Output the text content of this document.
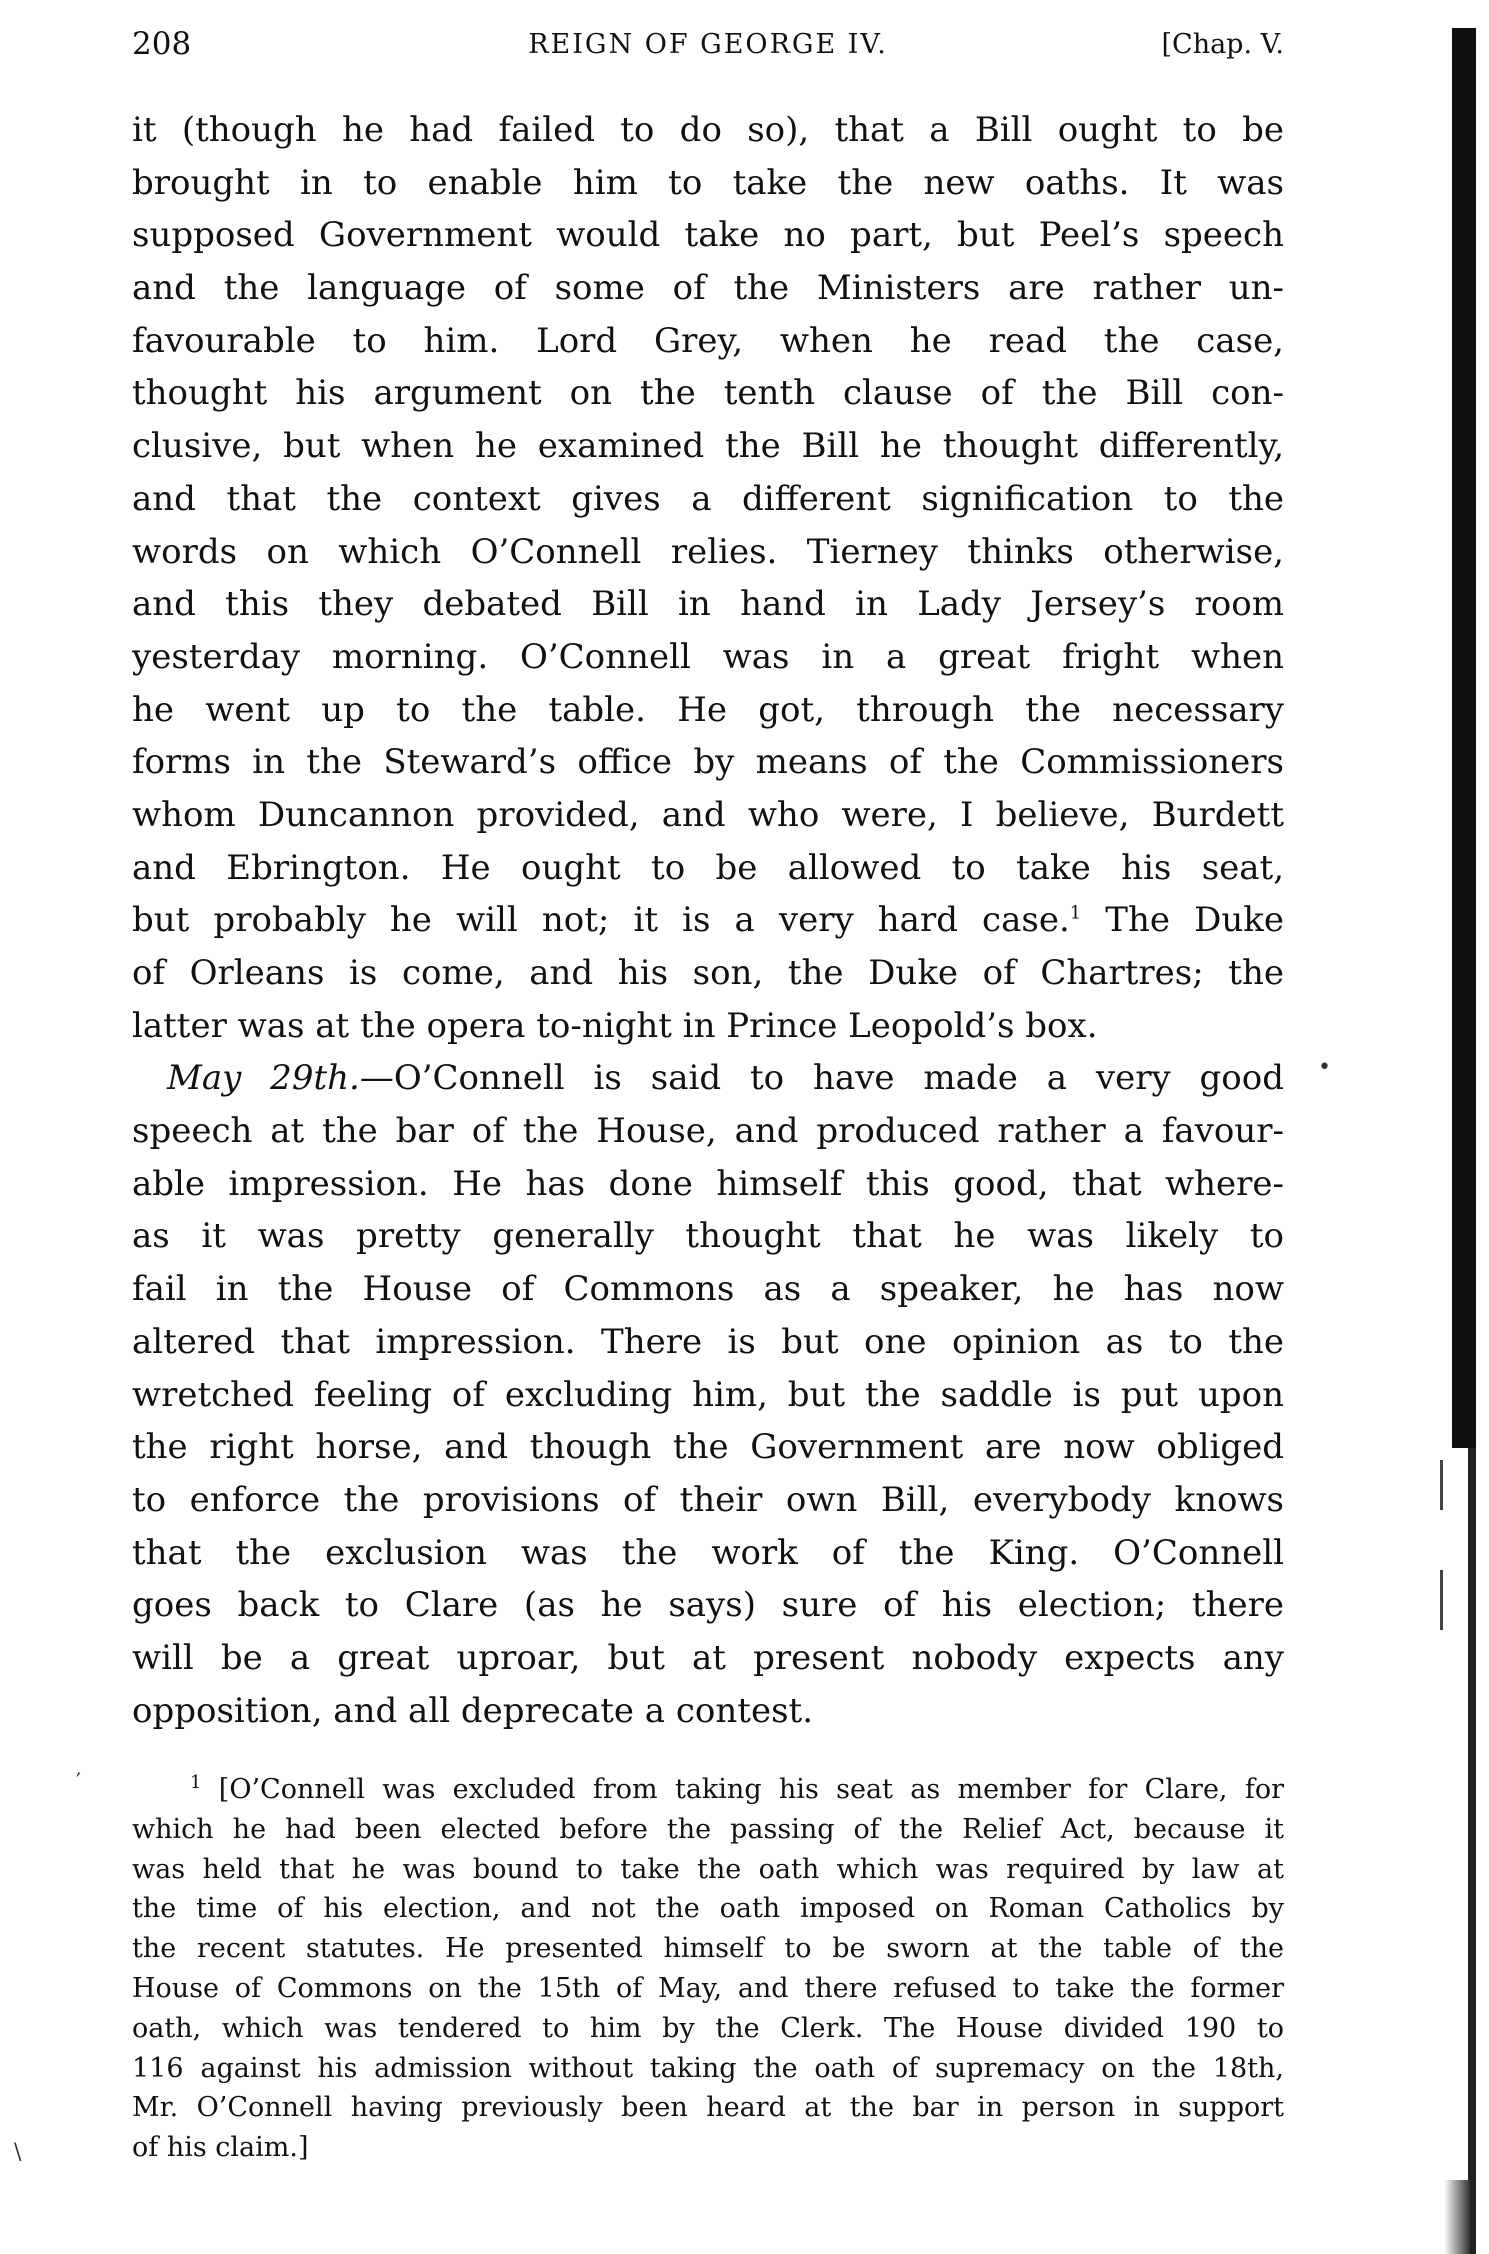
208	REIGN OF GEORGE IV.	[Chap. V.
it (though he had failed to do so), that a Bill ought to be
brought in to enable him to take the new oaths. It was
supposed Government would take no part, but Peel’s speech
and the language of some of the Ministers are rather un-
favourable to him. Lord Grey, when he read the case,
thought his argument on the tenth clause of the Bill con-
clusive, but when he examined the Bill he thought differently,
and that the context gives a different signification to the
words on which O’Connell relies. Tierney thinks otherwise,
and this they debated Bill in hand in Lady Jersey’s room
yesterday morning. O’Connell was in a great fright when
he went up to the table. He got, through the necessary
forms in the Steward’s office by means of the Commissioners
whom Duncannon provided, and who were, I believe, Burdett
and Ebrington. He ought to be allowed to take his seat,
but probably he will not; it is a very hard case.$^1$ The Duke
of Orleans is come, and his son, the Duke of Chartres; the
latter was at the opera to-night in Prince Leopold’s box.
May 29th.—O’Connell is said to have made a very good
speech at the bar of the House, and produced rather a favour-
able impression. He has done himself this good, that where-
as it was pretty generally thought that he was likely to
fail in the House of Commons as a speaker, he has now
altered that impression. There is but one opinion as to the
wretched feeling of excluding him, but the saddle is put upon
the right horse, and though the Government are now obliged
to enforce the provisions of their own Bill, everybody knows
that the exclusion was the work of the King. O’Connell
goes back to Clare (as he says) sure of his election; there
will be a great uproar, but at present nobody expects any
opposition, and all deprecate a contest.
$^1$ [O’Connell was excluded from taking his seat as member for Clare, for
which he had been elected before the passing of the Relief Act, because it
was held that he was bound to take the oath which was required by law at
the time of his election, and not the oath imposed on Roman Catholics by
the recent statutes. He presented himself to be sworn at the table of the
House of Commons on the 15th of May, and there refused to take the former
oath, which was tendered to him by the Clerk. The House divided 190 to
116 against his admission without taking the oath of supremacy on the 18th,
Mr. O’Connell having previously been heard at the bar in person in support
of his claim.]
•
′
\
